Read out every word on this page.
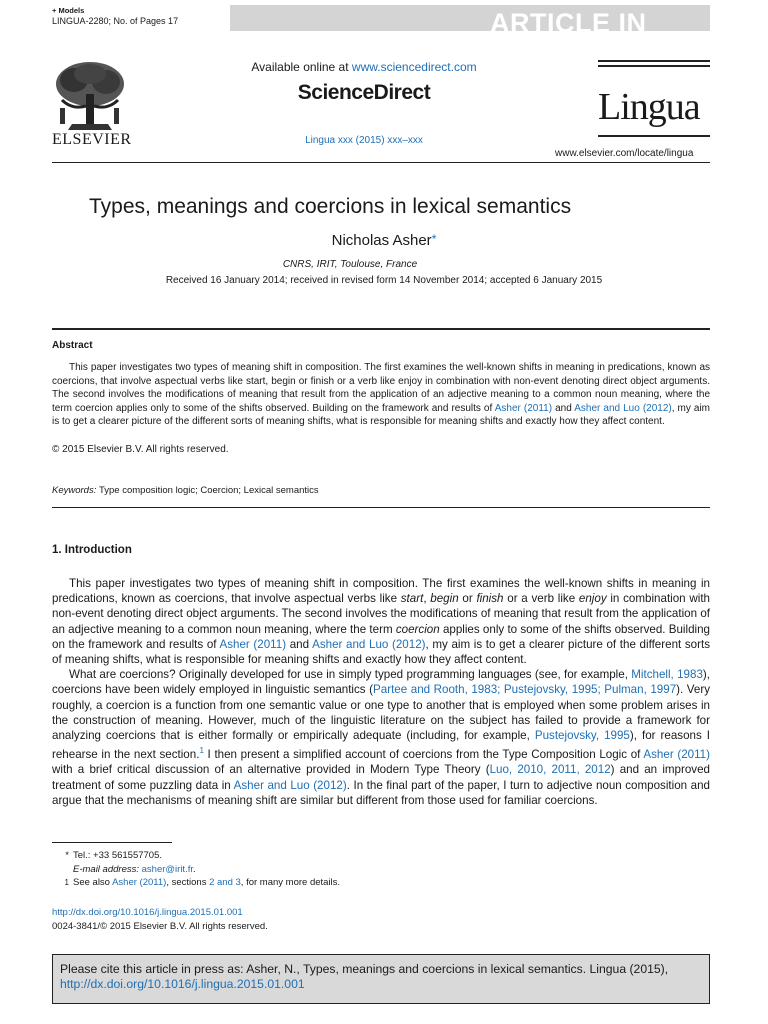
+ Models
LINGUA-2280; No. of Pages 17	ARTICLE IN PRESS
ELSEVIER
Available online at www.sciencedirect.com
ScienceDirect
Lingua xxx (2015) xxx–xxx
Lingua
www.elsevier.com/locate/lingua
Types, meanings and coercions in lexical semantics
Nicholas Asher*
CNRS, IRIT, Toulouse, France
Received 16 January 2014; received in revised form 14 November 2014; accepted 6 January 2015
Abstract
This paper investigates two types of meaning shift in composition. The first examines the well-known shifts in meaning in predications, known as coercions, that involve aspectual verbs like start, begin or finish or a verb like enjoy in combination with non-event denoting direct object arguments. The second involves the modifications of meaning that result from the application of an adjective meaning to a common noun meaning, where the term coercion applies only to some of the shifts observed. Building on the framework and results of Asher (2011) and Asher and Luo (2012), my aim is to get a clearer picture of the different sorts of meaning shifts, what is responsible for meaning shifts and exactly how they affect content.
© 2015 Elsevier B.V. All rights reserved.
Keywords: Type composition logic; Coercion; Lexical semantics
1. Introduction

This paper investigates two types of meaning shift in composition. The first examines the well-known shifts in meaning in predications, known as coercions, that involve aspectual verbs like start, begin or finish or a verb like enjoy in combination with non-event denoting direct object arguments. The second involves the modifications of meaning that result from the application of an adjective meaning to a common noun meaning, where the term coercion applies only to some of the shifts observed. Building on the framework and results of Asher (2011) and Asher and Luo (2012), my aim is to get a clearer picture of the different sorts of meaning shifts, what is responsible for meaning shifts and exactly how they affect content.

What are coercions? Originally developed for use in simply typed programming languages (see, for example, Mitchell, 1983), coercions have been widely employed in linguistic semantics (Partee and Rooth, 1983; Pustejovsky, 1995; Pulman, 1997). Very roughly, a coercion is a function from one semantic value or one type to another that is employed when some problem arises in the construction of meaning. However, much of the linguistic literature on the subject has failed to provide a framework for analyzing coercions that is either formally or empirically adequate (including, for example, Pustejovsky, 1995), for reasons I rehearse in the next section.$^1$ I then present a simplified account of coercions from the Type Composition Logic of Asher (2011) with a brief critical discussion of an alternative provided in Modern Type Theory (Luo, 2010, 2011, 2012) and an improved treatment of some puzzling data in Asher and Luo (2012). In the final part of the paper, I turn to adjective noun composition and argue that the mechanisms of meaning shift are similar but different from those used for familiar coercions.

* Tel.: +33 561557705.
E-mail address: asher@irit.fr.
1 See also Asher (2011), sections 2 and 3, for many more details.
http://dx.doi.org/10.1016/j.lingua.2015.01.001
0024-3841/© 2015 Elsevier B.V. All rights reserved.
Please cite this article in press as: Asher, N., Types, meanings and coercions in lexical semantics. Lingua (2015),
http://dx.doi.org/10.1016/j.lingua.2015.01.001
